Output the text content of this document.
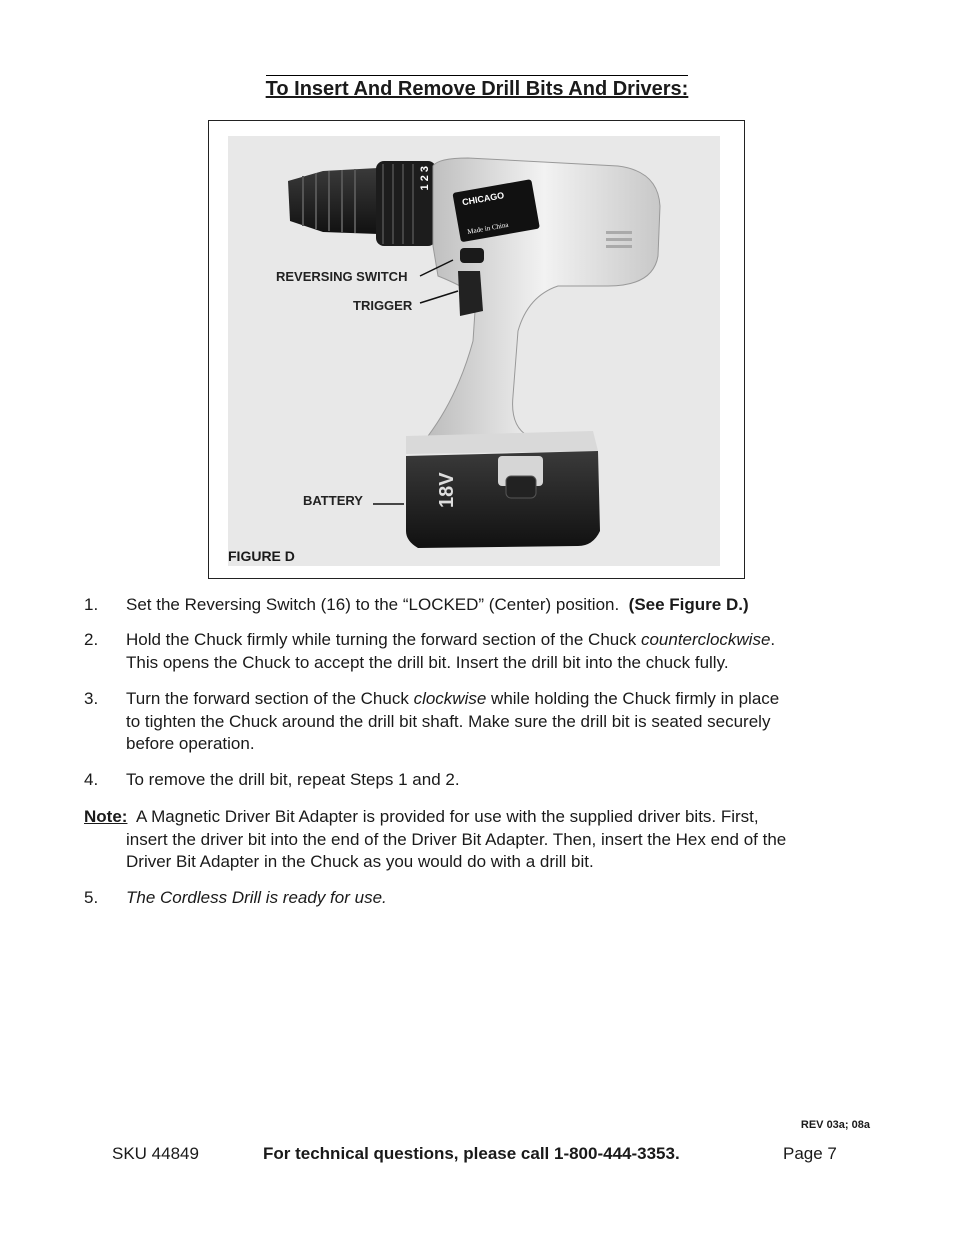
To Insert And Remove Drill Bits And Drivers:
1 2 3
CHICAGO
Made in China
18V
REVERSING SWITCH
TRIGGER
BATTERY
FIGURE D
1. Set the Reversing Switch (16) to the “LOCKED” (Center) position. (See Figure D.)
2. Hold the Chuck firmly while turning the forward section of the Chuck counterclockwise.
This opens the Chuck to accept the drill bit. Insert the drill bit into the chuck fully.
3. Turn the forward section of the Chuck clockwise while holding the Chuck firmly in place
to tighten the Chuck around the drill bit shaft. Make sure the drill bit is seated securely
before operation.
4. To remove the drill bit, repeat Steps 1 and 2.
Note: A Magnetic Driver Bit Adapter is provided for use with the supplied driver bits. First,
insert the driver bit into the end of the Driver Bit Adapter. Then, insert the Hex end of the
Driver Bit Adapter in the Chuck as you would do with a drill bit.
5. The Cordless Drill is ready for use.
REV 03a; 08a
SKU 44849	For technical questions, please call 1-800-444-3353.	Page 7
